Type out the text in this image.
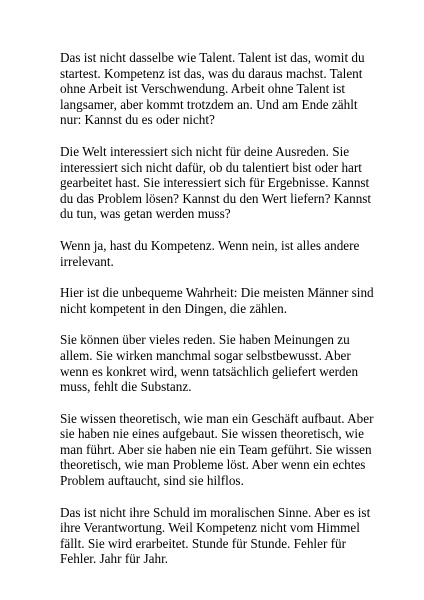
Das ist nicht dasselbe wie Talent. Talent ist das, womit du startest. Kompetenz ist das, was du daraus machst. Talent ohne Arbeit ist Verschwendung. Arbeit ohne Talent ist langsamer, aber kommt trotzdem an. Und am Ende zählt nur: Kannst du es oder nicht?

Die Welt interessiert sich nicht für deine Ausreden. Sie interessiert sich nicht dafür, ob du talentiert bist oder hart gearbeitet hast. Sie interessiert sich für Ergebnisse. Kannst du das Problem lösen? Kannst du den Wert liefern? Kannst du tun, was getan werden muss?

Wenn ja, hast du Kompetenz. Wenn nein, ist alles andere irrelevant.

Hier ist die unbequeme Wahrheit: Die meisten Männer sind nicht kompetent in den Dingen, die zählen.

Sie können über vieles reden. Sie haben Meinungen zu allem. Sie wirken manchmal sogar selbstbewusst. Aber wenn es konkret wird, wenn tatsächlich geliefert werden muss, fehlt die Substanz.

Sie wissen theoretisch, wie man ein Geschäft aufbaut. Aber sie haben nie eines aufgebaut. Sie wissen theoretisch, wie man führt. Aber sie haben nie ein Team geführt. Sie wissen theoretisch, wie man Probleme löst. Aber wenn ein echtes Problem auftaucht, sind sie hilflos.

Das ist nicht ihre Schuld im moralischen Sinne. Aber es ist ihre Verantwortung. Weil Kompetenz nicht vom Himmel fällt. Sie wird erarbeitet. Stunde für Stunde. Fehler für Fehler. Jahr für Jahr.
